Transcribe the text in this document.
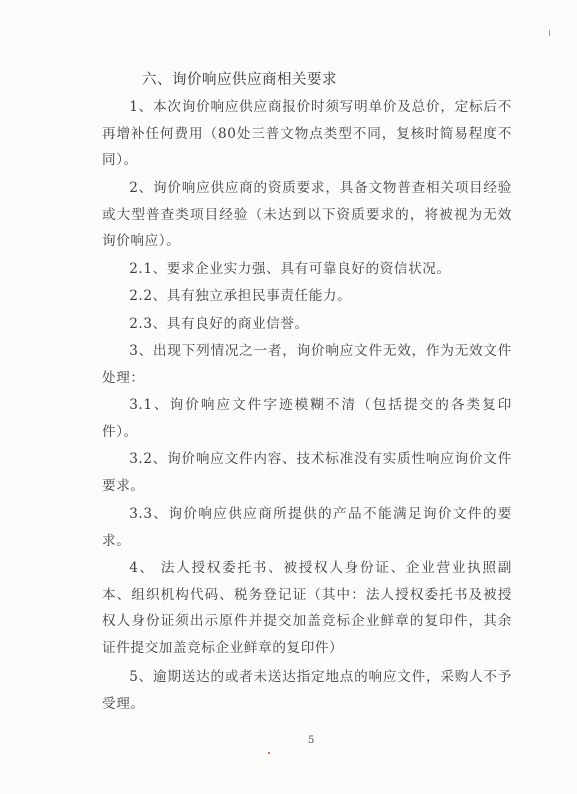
六、询价响应供应商相关要求

1、本次询价响应供应商报价时须写明单价及总价，定标后不再增补任何费用（80处三普文物点类型不同，复核时简易程度不同）。

2、询价响应供应商的资质要求，具备文物普查相关项目经验或大型普查类项目经验（未达到以下资质要求的，将被视为无效询价响应）。

2.1、要求企业实力强、具有可靠良好的资信状况。

2.2、具有独立承担民事责任能力。

2.3、具有良好的商业信誉。

3、出现下列情况之一者，询价响应文件无效，作为无效文件处理：

3.1、询价响应文件字迹模糊不清（包括提交的各类复印件）。

3.2、询价响应文件内容、技术标准没有实质性响应询价文件要求。

3.3、询价响应供应商所提供的产品不能满足询价文件的要求。

4、 法人授权委托书、被授权人身份证、企业营业执照副本、组织机构代码、税务登记证（其中：法人授权委托书及被授权人身份证须出示原件并提交加盖竞标企业鲜章的复印件，其余证件提交加盖竞标企业鲜章的复印件）

5、逾期送达的或者未送达指定地点的响应文件，采购人不予受理。

5
